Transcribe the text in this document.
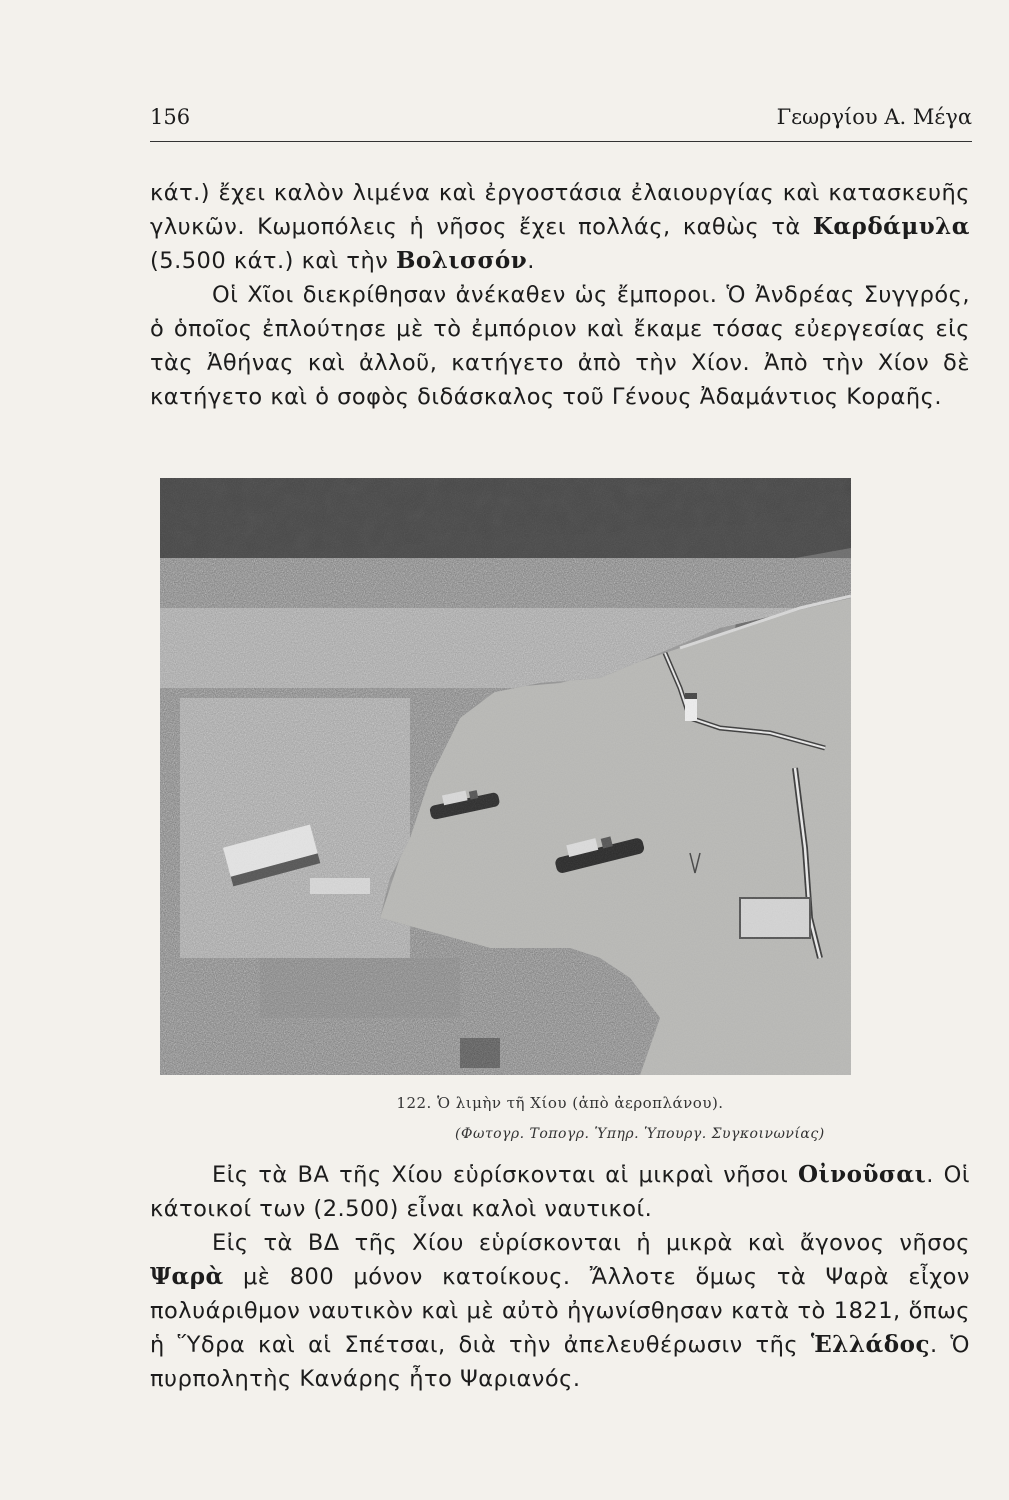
156	Γεωργίου Α. Μέγα

κάτ.) ἔχει καλὸν λιμένα καὶ ἐργοστάσια ἐλαιουργίας καὶ κατασκευῆς γλυκῶν. Κωμοπόλεις ἡ νῆσος ἔχει πολλάς, καθὼς τὰ Καρδάμυλα (5.500 κάτ.) καὶ τὴν Βολισσόν.

Οἱ Χῖοι διεκρίθησαν ἀνέκαθεν ὡς ἔμποροι. Ὁ Ἀνδρέας Συγγρός, ὁ ὁποῖος ἐπλούτησε μὲ τὸ ἐμπόριον καὶ ἔκαμε τόσας εὐεργεσίας εἰς τὰς Ἀθήνας καὶ ἀλλοῦ, κατήγετο ἀπὸ τὴν Χίον. Ἀπὸ τὴν Χίον δὲ κατήγετο καὶ ὁ σοφὸς διδάσκαλος τοῦ Γένους Ἀδαμάντιος Κοραῆς.

122. Ὁ λιμὴν τῆ Χίου (ἀπὸ ἀεροπλάνου).
(Φωτογρ. Τοπογρ. Ὑπηρ. Ὑπουργ. Συγκοινωνίας)

Εἰς τὰ ΒΑ τῆς Χίου εὑρίσκονται αἱ μικραὶ νῆσοι Οἰνοῦσαι. Οἱ κάτοικοί των (2.500) εἶναι καλοὶ ναυτικοί.

Εἰς τὰ ΒΔ τῆς Χίου εὑρίσκονται ἡ μικρὰ καὶ ἄγονος νῆσος Ψαρὰ μὲ 800 μόνον κατοίκους. Ἄλλοτε ὅμως τὰ Ψαρὰ εἶχον πολυάριθμον ναυτικὸν καὶ μὲ αὐτὸ ἠγωνίσθησαν κατὰ τὸ 1821, ὅπως ἡ Ὕδρα καὶ αἱ Σπέτσαι, διὰ τὴν ἀπελευθέρωσιν τῆς Ἑλλάδος. Ὁ πυρπολητὴς Κανάρης ἦτο Ψαριανός.
